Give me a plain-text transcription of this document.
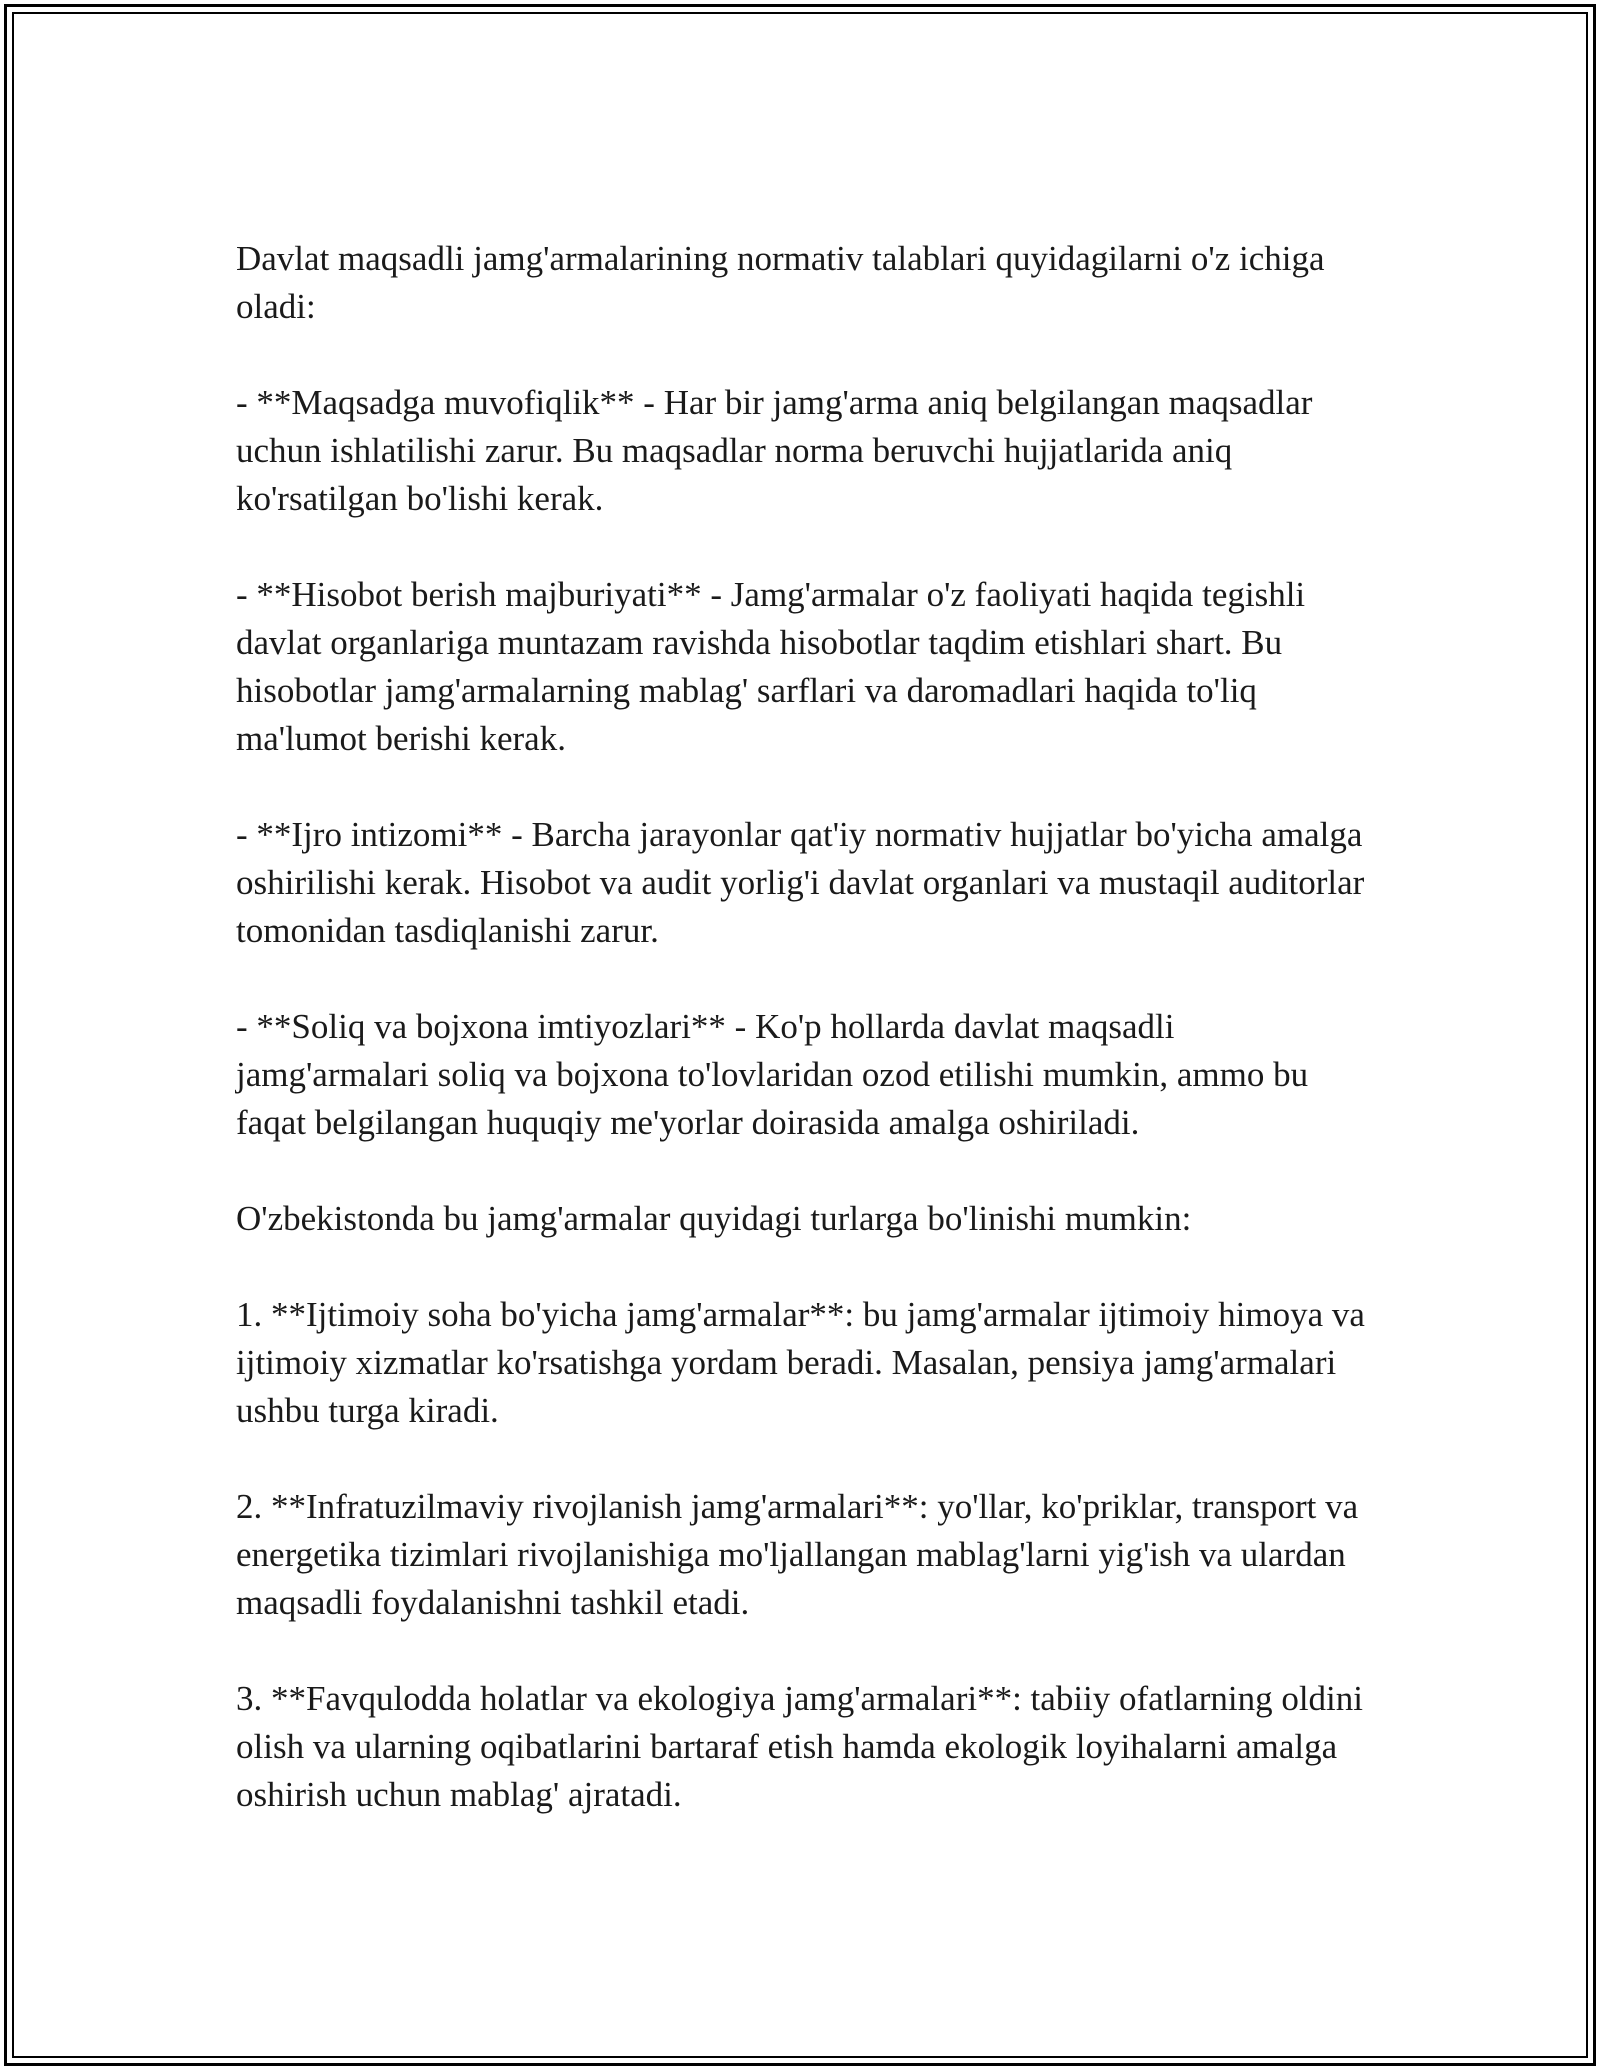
Davlat maqsadli jamg'armalarining normativ talablari quyidagilarni o'z ichiga oladi:

- **Maqsadga muvofiqlik** - Har bir jamg'arma aniq belgilangan maqsadlar uchun ishlatilishi zarur. Bu maqsadlar norma beruvchi hujjatlarida aniq ko'rsatilgan bo'lishi kerak.

- **Hisobot berish majburiyati** - Jamg'armalar o'z faoliyati haqida tegishli davlat organlariga muntazam ravishda hisobotlar taqdim etishlari shart. Bu hisobotlar jamg'armalarning mablag' sarflari va daromadlari haqida to'liq ma'lumot berishi kerak.

- **Ijro intizomi** - Barcha jarayonlar qat'iy normativ hujjatlar bo'yicha amalga oshirilishi kerak. Hisobot va audit yorlig'i davlat organlari va mustaqil auditorlar tomonidan tasdiqlanishi zarur.

- **Soliq va bojxona imtiyozlari** - Ko'p hollarda davlat maqsadli jamg'armalari soliq va bojxona to'lovlaridan ozod etilishi mumkin, ammo bu faqat belgilangan huquqiy me'yorlar doirasida amalga oshiriladi.

O'zbekistonda bu jamg'armalar quyidagi turlarga bo'linishi mumkin:

1. **Ijtimoiy soha bo'yicha jamg'armalar**: bu jamg'armalar ijtimoiy himoya va ijtimoiy xizmatlar ko'rsatishga yordam beradi. Masalan, pensiya jamg'armalari ushbu turga kiradi.

2. **Infratuzilmaviy rivojlanish jamg'armalari**: yo'llar, ko'priklar, transport va energetika tizimlari rivojlanishiga mo'ljallangan mablag'larni yig'ish va ulardan maqsadli foydalanishni tashkil etadi.

3. **Favqulodda holatlar va ekologiya jamg'armalari**: tabiiy ofatlarning oldini olish va ularning oqibatlarini bartaraf etish hamda ekologik loyihalarni amalga oshirish uchun mablag' ajratadi.
